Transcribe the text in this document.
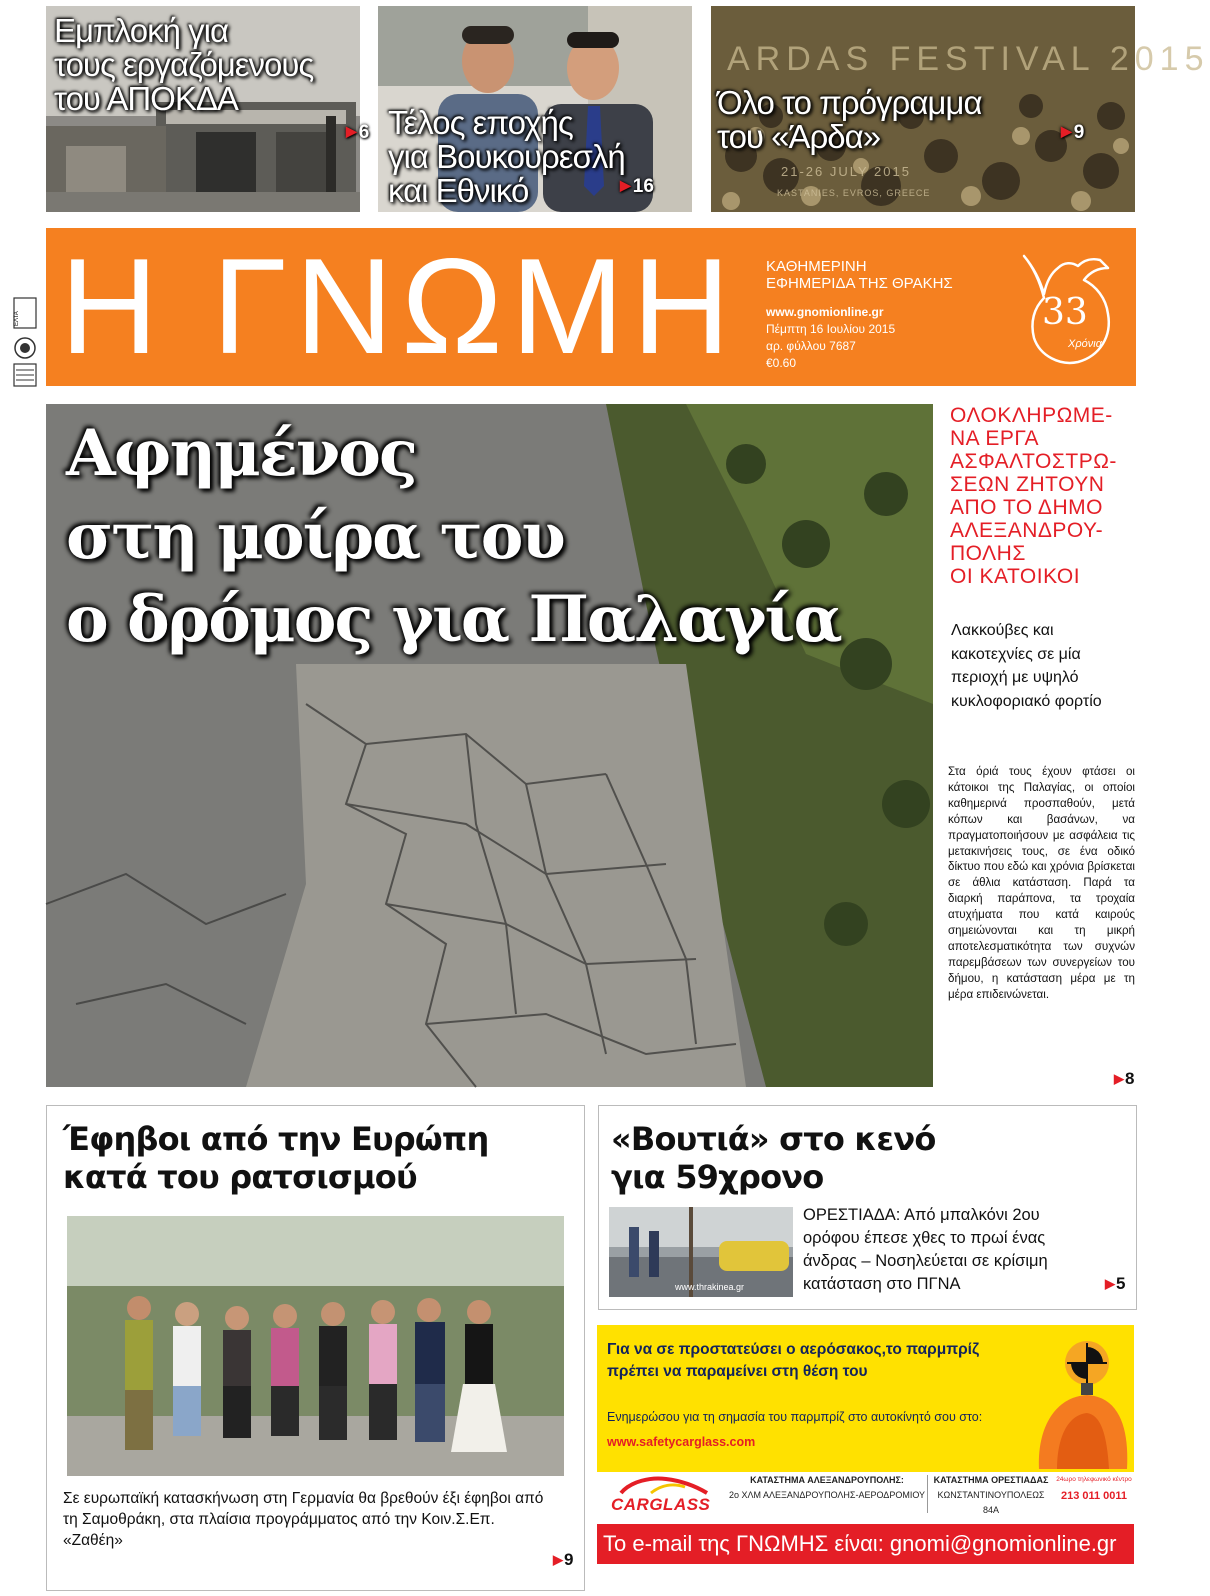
Εμπλοκή για
τους εργαζόμενους
του ΑΠΟΚΔΑ
▶ 6 Τέλος εποχής
για Βουκουρεσλή
και Εθνικό	▶ 16
ARDAS FESTIVAL 2015
21-26 JULY 2015
KASTANIES, EVROS, GREECE
Όλο το πρόγραμμα
του «Άρδα»	▶ 9
ΕΛΤΑ Η ΓΝΩΜΗ ΚΑΘΗΜΕΡΙΝΗ
ΕΦΗΜΕΡΙΔΑ ΤΗΣ ΘΡΑΚΗΣ
www.gnomionline.gr
Πέμπτη 16 Ιουλίου 2015
αρ. φύλλου 7687
€0.60
33
Χρόνια
Αφημένος
στη μοίρα του
ο δρόμος για Παλαγία
ΟΛΟΚΛΗΡΩΜΕ-
ΝΑ ΕΡΓΑ
ΑΣΦΑΛΤΟΣΤΡΩ-
ΣΕΩΝ ΖΗΤΟΥΝ
ΑΠΟ ΤΟ ΔΗΜΟ
ΑΛΕΞΑΝΔΡΟΥ-
ΠΟΛΗΣ
ΟΙ ΚΑΤΟΙΚΟΙ
Λακκούβες και κακοτεχνίες σε μία περιοχή με υψηλό κυκλοφοριακό φορτίο
Στα όριά τους έχουν φτάσει οι κάτοικοι της Παλαγίας, οι οποίοι καθημερινά προσπαθούν, μετά κόπων και βασάνων, να πραγματοποιήσουν με ασφάλεια τις μετακινήσεις τους, σε ένα οδικό δίκτυο που εδώ και χρόνια βρίσκεται σε άθλια κατάσταση. Παρά τα διαρκή παράπονα, τα τροχαία ατυχήματα που κατά καιρούς σημειώνονται και τη μικρή αποτελεσματικότητα των συχνών παρεμβάσεων των συνεργείων του δήμου, η κατάσταση μέρα με τη μέρα επιδεινώνεται.
▶8
Έφηβοι από την Ευρώπη
κατά του ρατσισμού
Σε ευρωπαϊκή κατασκήνωση στη Γερμανία θα βρεθούν έξι έφηβοι από τη Σαμοθράκη, στα πλαίσια προγράμματος από την Κοιν.Σ.Επ. «Ζαθέη»
▶9
«Βουτιά» στο κενό
για 59χρονο
www.thrakinea.gr
ΟΡΕΣΤΙΑΔΑ: Από μπαλκόνι 2ου ορόφου έπεσε χθες το πρωί ένας άνδρας – Νοσηλεύεται σε κρίσιμη κατάσταση στο ΠΓΝΑ	▶5
Για να σε προστατεύσει ο αερόσακος,το παρμπρίζ
πρέπει να παραμείνει στη θέση του
Ενημερώσου για τη σημασία του παρμπρίζ στο αυτοκίνητό σου στο:
www.safetycarglass.com
CARGLASS
ΚΑΤΑΣΤΗΜΑ ΑΛΕΞΑΝΔΡΟΥΠΟΛΗΣ:
2ο ΧΛΜ ΑΛΕΞΑΝΔΡΟΥΠΟΛΗΣ-ΑΕΡΟΔΡΟΜΙΟΥ
ΚΑΤΑΣΤΗΜΑ ΟΡΕΣΤΙΑΔΑΣ
ΚΩΝΣΤΑΝΤΙΝΟΥΠΟΛΕΩΣ 84Α
24ωρο τηλεφωνικό κέντρο
213 011 0011
Το e-mail της ΓΝΩΜΗΣ είναι: gnomi@gnomionline.gr
